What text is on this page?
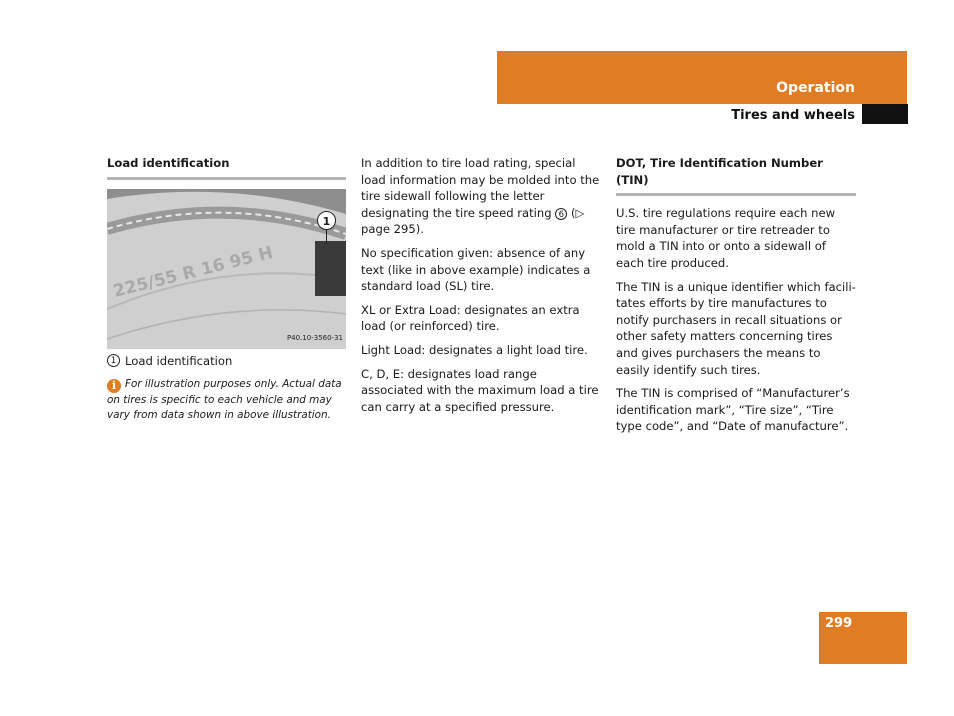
Operation
Tires and wheels
Load identification
225/55 R 16 95 H
1
P40.10-3560-31
1 Load identification
i For illustration purposes only. Actual data on tires is specific to each vehicle and may vary from data shown in above illustration.

In addition to tire load rating, special load information may be molded into the tire sidewall following the letter designating the tire speed rating 6 (▷ page 295).

No specification given: absence of any text (like in above example) indicates a standard load (SL) tire.

XL or Extra Load: designates an extra load (or reinforced) tire.

Light Load: designates a light load tire.

C, D, E: designates load range associated with the maximum load a tire can carry at a specified pressure.

DOT, Tire Identification Number (TIN)

U.S. tire regulations require each new tire manufacturer or tire retreader to mold a TIN into or onto a sidewall of each tire produced.

The TIN is a unique identifier which facili-tates efforts by tire manufactures to notify purchasers in recall situations or other safety matters concerning tires and gives purchasers the means to easily identify such tires.

The TIN is comprised of “Manufacturer’s identification mark”, “Tire size”, “Tire type code”, and “Date of manufacture”.

299
